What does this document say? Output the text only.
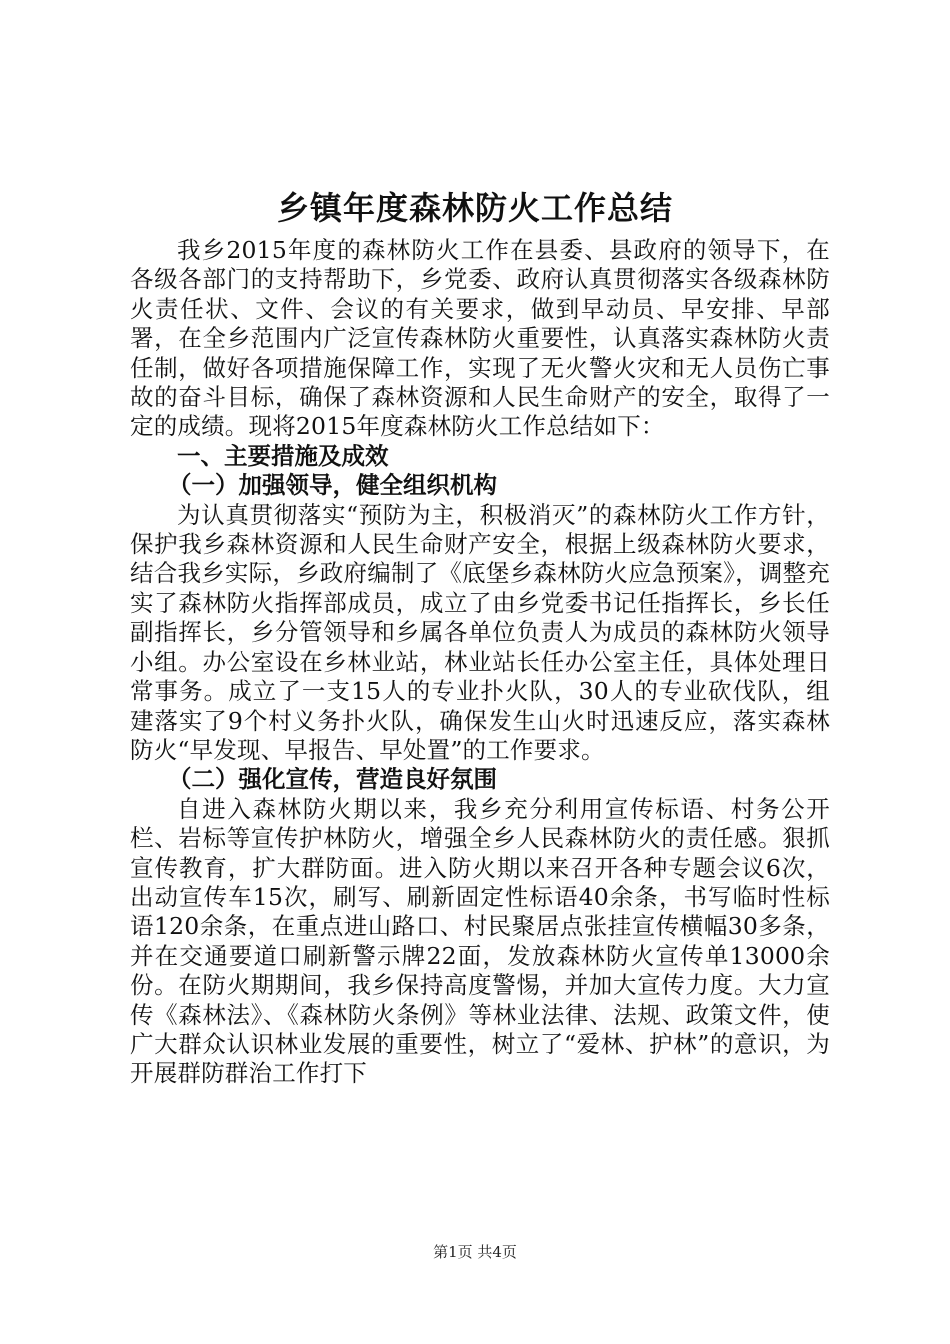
乡镇年度森林防火工作总结

我乡2015年度的森林防火工作在县委、县政府的领导下，在各级各部门的支持帮助下，乡党委、政府认真贯彻落实各级森林防火责任状、文件、会议的有关要求，做到早动员、早安排、早部署，在全乡范围内广泛宣传森林防火重要性，认真落实森林防火责任制，做好各项措施保障工作，实现了无火警火灾和无人员伤亡事故的奋斗目标，确保了森林资源和人民生命财产的安全，取得了一定的成绩。现将2015年度森林防火工作总结如下：

一、主要措施及成效

（一）加强领导，健全组织机构

为认真贯彻落实“预防为主，积极消灭”的森林防火工作方针，保护我乡森林资源和人民生命财产安全，根据上级森林防火要求，结合我乡实际，乡政府编制了《底堡乡森林防火应急预案》，调整充实了森林防火指挥部成员，成立了由乡党委书记任指挥长，乡长任副指挥长，乡分管领导和乡属各单位负责人为成员的森林防火领导小组。办公室设在乡林业站，林业站长任办公室主任，具体处理日常事务。成立了一支15人的专业扑火队，30人的专业砍伐队，组建落实了9个村义务扑火队，确保发生山火时迅速反应，落实森林防火“早发现、早报告、早处置”的工作要求。

（二）强化宣传，营造良好氛围

自进入森林防火期以来，我乡充分利用宣传标语、村务公开栏、岩标等宣传护林防火，增强全乡人民森林防火的责任感。狠抓宣传教育，扩大群防面。进入防火期以来召开各种专题会议6次，出动宣传车15次，刷写、刷新固定性标语40余条，书写临时性标语120余条，在重点进山路口、村民聚居点张挂宣传横幅30多条，并在交通要道口刷新警示牌22面，发放森林防火宣传单13000余份。在防火期期间，我乡保持高度警惕，并加大宣传力度。大力宣传《森林法》、《森林防火条例》等林业法律、法规、政策文件，使广大群众认识林业发展的重要性，树立了“爱林、护林”的意识，为开展群防群治工作打下

第1页 共4页
